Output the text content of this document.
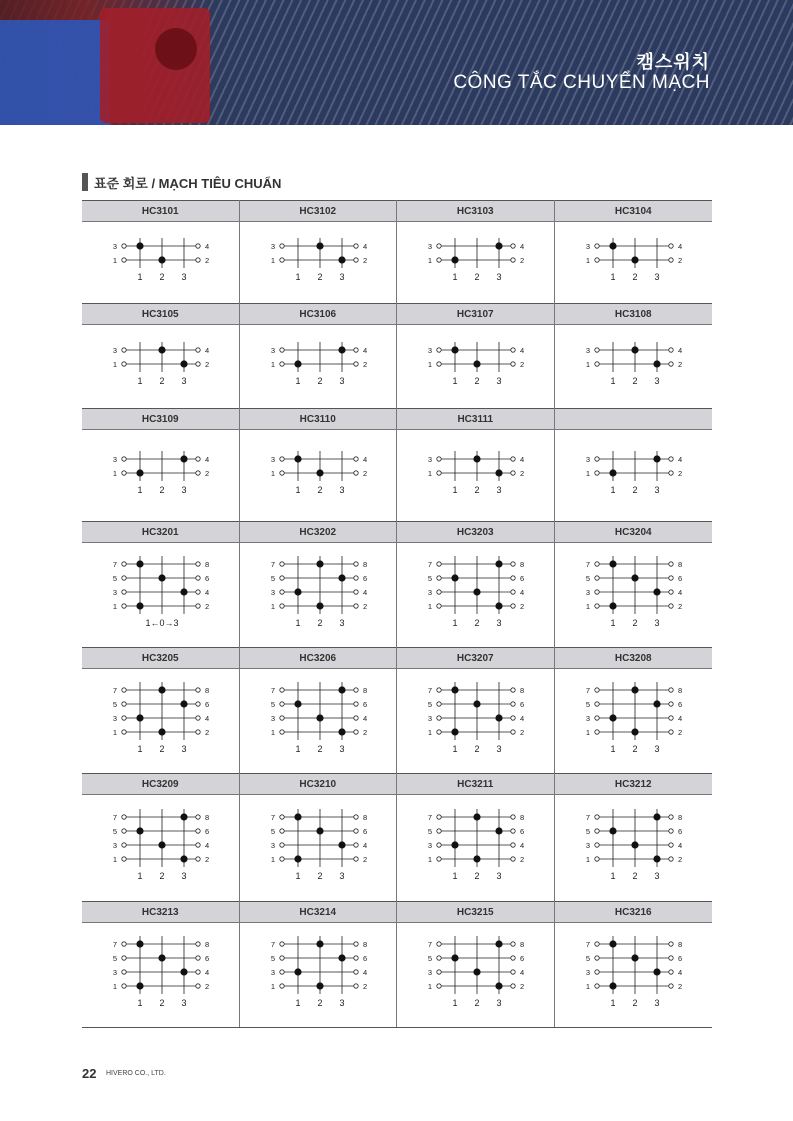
캠스위치
CÔNG TẮC CHUYỂN MẠCH
표준 회로 / MẠCH TIÊU CHUẨN
HC3101
3	4
1	2
1 2 3
HC3102
3	4
1	2
1 2 3
HC3103
3	4
1	2
1 2 3
HC3104
3	4
1	2
1 2 3
HC3105
3	4
1	2
1 2 3
HC3106
3	4
1	2
1 2 3
HC3107
3	4
1	2
1 2 3
HC3108
3	4
1	2
1 2 3
HC3109
3	4
1	2
1 2 3
HC3110
3	4
1	2
1 2 3
HC3111
3	4
1	2
1 2 3
3	4
1	2
1 2 3
HC3201
7	8
5	6
3	4
1	2
1←0→3
HC3202
7	8
5	6
3	4
1	2
1 2 3
HC3203
7	8
5	6
3	4
1	2
1 2 3
HC3204
7	8
5	6
3	4
1	2
1 2 3
HC3205
7	8
5	6
3	4
1	2
1 2 3
HC3206
7	8
5	6
3	4
1	2
1 2 3
HC3207
7	8
5	6
3	4
1	2
1 2 3
HC3208
7	8
5	6
3	4
1	2
1 2 3
HC3209
7	8
5	6
3	4
1	2
1 2 3
HC3210
7	8
5	6
3	4
1	2
1 2 3
HC3211
7	8
5	6
3	4
1	2
1 2 3
HC3212
7	8
5	6
3	4
1	2
1 2 3
HC3213
7	8
5	6
3	4
1	2
1 2 3
HC3214
7	8
5	6
3	4
1	2
1 2 3
HC3215
7	8
5	6
3	4
1	2
1 2 3
HC3216
7	8
5	6
3	4
1	2
1 2 3
22 HIVERO CO., LTD.
